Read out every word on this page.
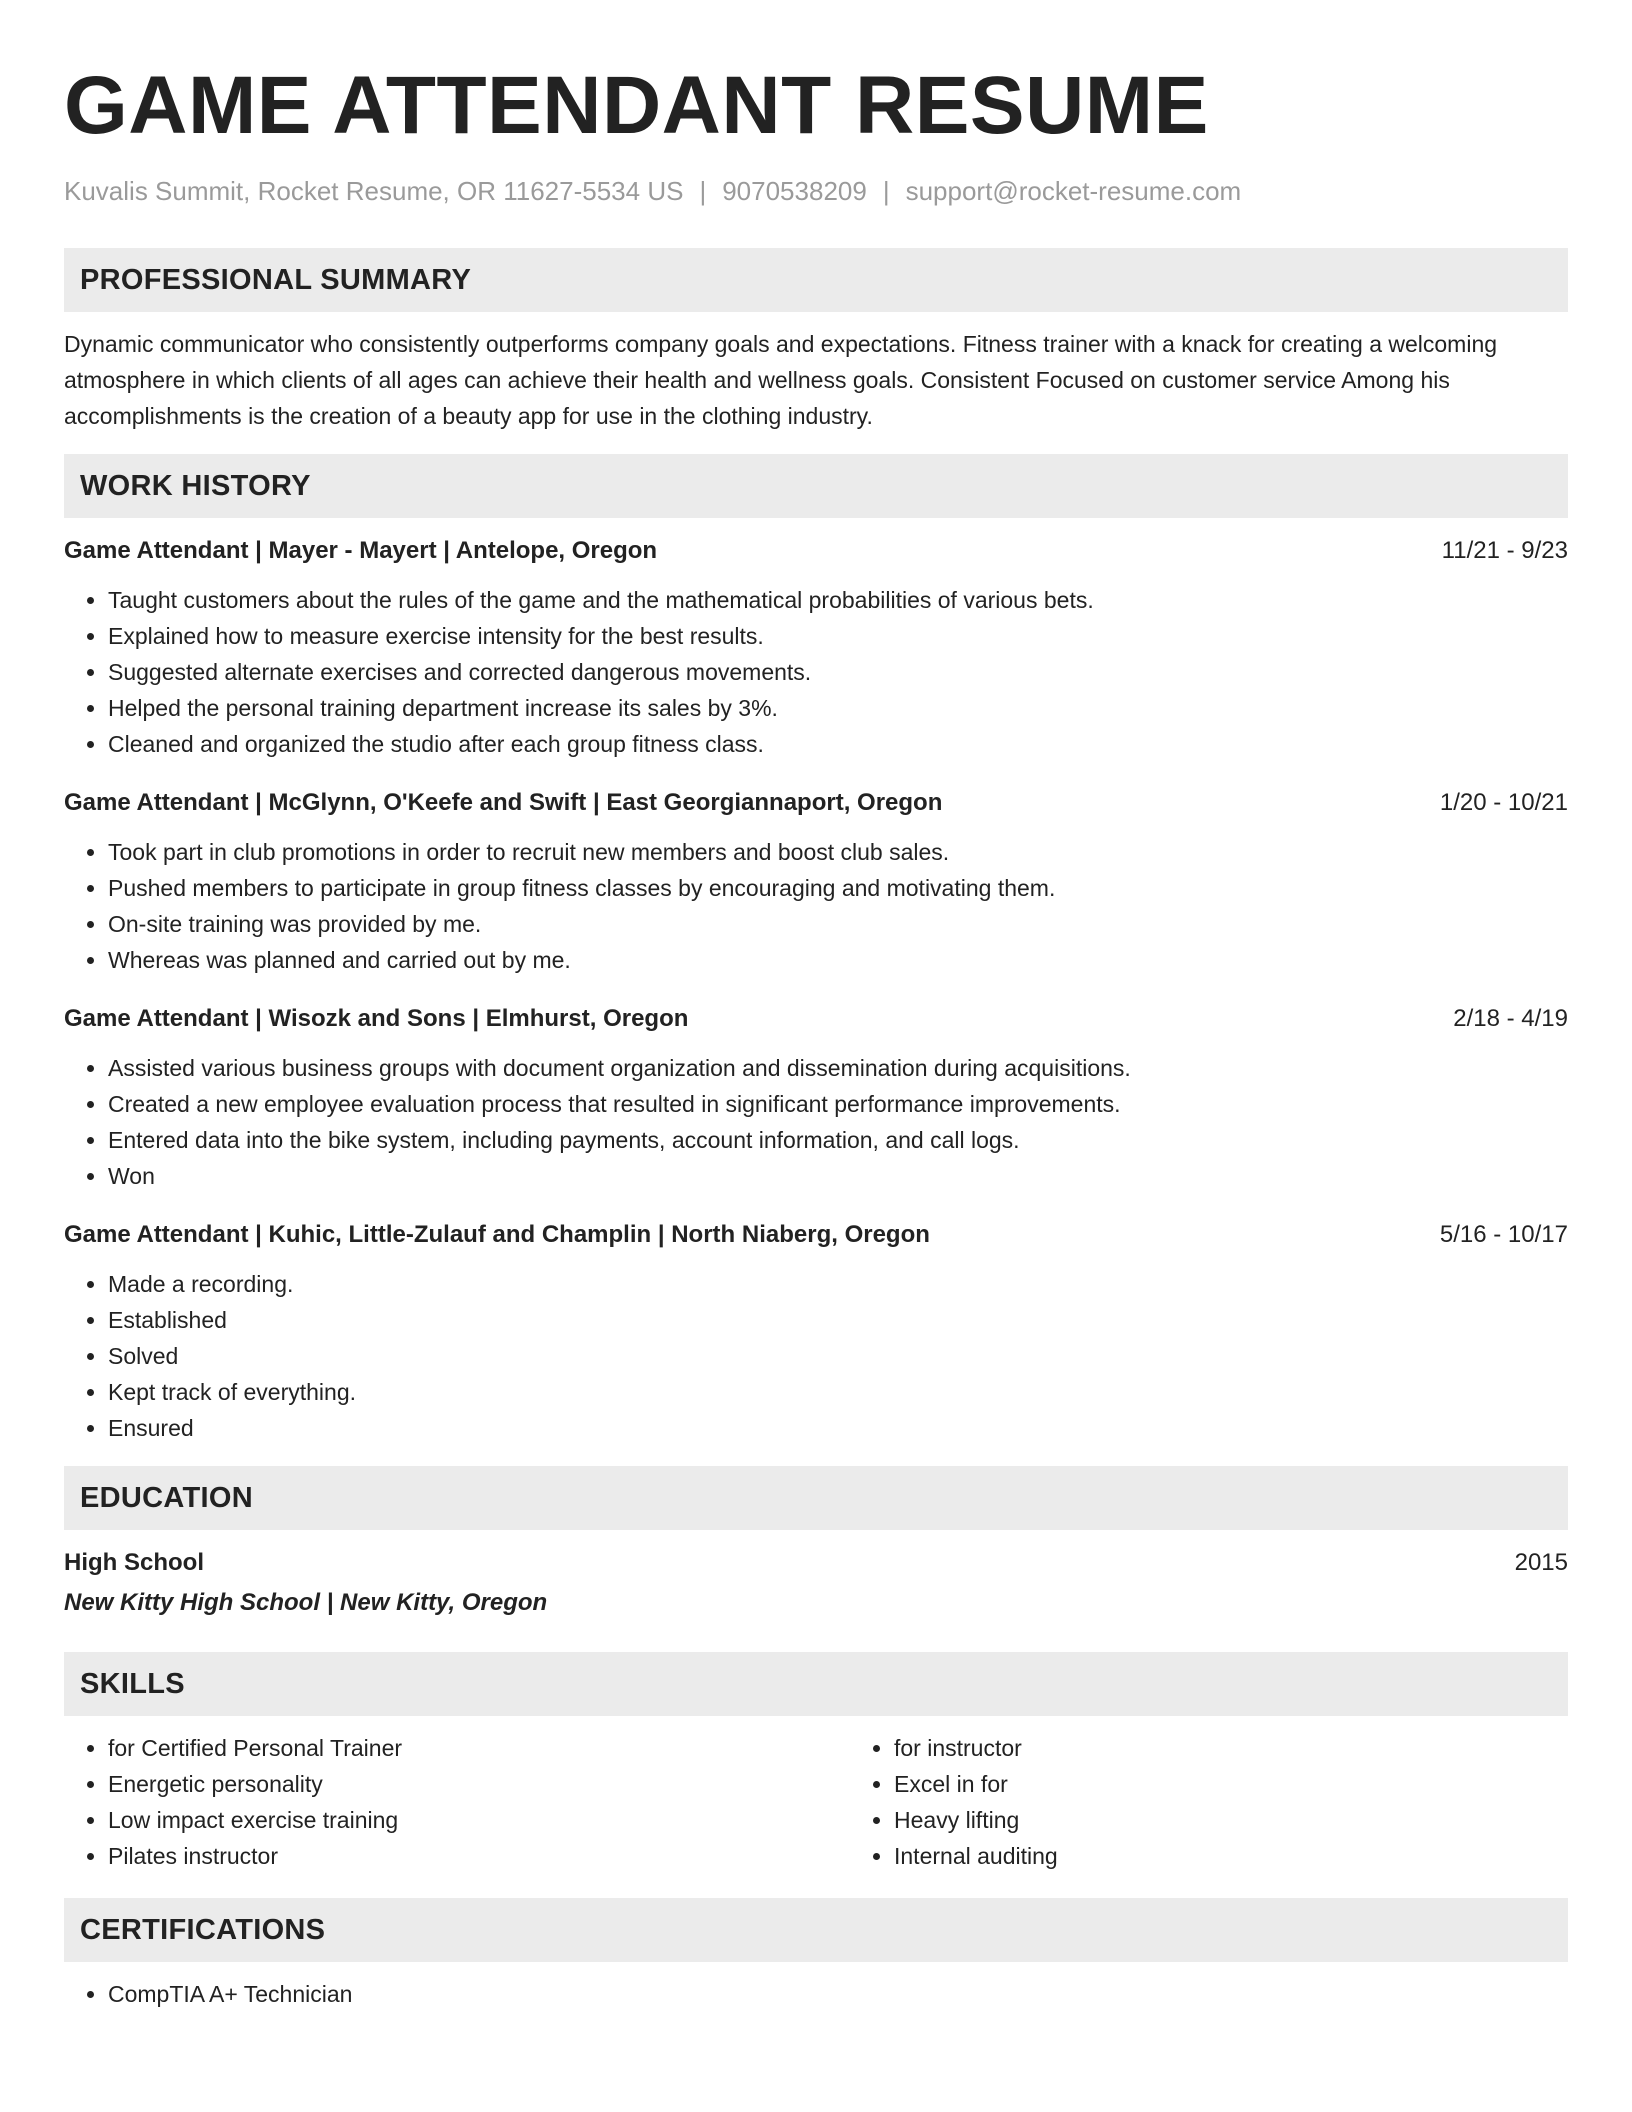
GAME ATTENDANT RESUME
Kuvalis Summit, Rocket Resume, OR 11627-5534 US | 9070538209 | support@rocket-resume.com
PROFESSIONAL SUMMARY

Dynamic communicator who consistently outperforms company goals and expectations. Fitness trainer with a knack for creating a welcoming atmosphere in which clients of all ages can achieve their health and wellness goals. Consistent Focused on customer service Among his accomplishments is the creation of a beauty app for use in the clothing industry.

WORK HISTORY
Game Attendant | Mayer - Mayert | Antelope, Oregon	11/21 - 9/23
• Taught customers about the rules of the game and the mathematical probabilities of various bets.
• Explained how to measure exercise intensity for the best results.
• Suggested alternate exercises and corrected dangerous movements.
• Helped the personal training department increase its sales by 3%.
• Cleaned and organized the studio after each group fitness class.
Game Attendant | McGlynn, O'Keefe and Swift | East Georgiannaport, Oregon	1/20 - 10/21
• Took part in club promotions in order to recruit new members and boost club sales.
• Pushed members to participate in group fitness classes by encouraging and motivating them.
• On-site training was provided by me.
• Whereas was planned and carried out by me.
Game Attendant | Wisozk and Sons | Elmhurst, Oregon	2/18 - 4/19
• Assisted various business groups with document organization and dissemination during acquisitions.
• Created a new employee evaluation process that resulted in significant performance improvements.
• Entered data into the bike system, including payments, account information, and call logs.
• Won
Game Attendant | Kuhic, Little-Zulauf and Champlin | North Niaberg, Oregon	5/16 - 10/17
• Made a recording.
• Established
• Solved
• Kept track of everything.
• Ensured
EDUCATION
High School	2015
New Kitty High School | New Kitty, Oregon
SKILLS
• for Certified Personal Trainer
• Energetic personality
• Low impact exercise training
• Pilates instructor
• for instructor
• Excel in for
• Heavy lifting
• Internal auditing
CERTIFICATIONS
• CompTIA A+ Technician
